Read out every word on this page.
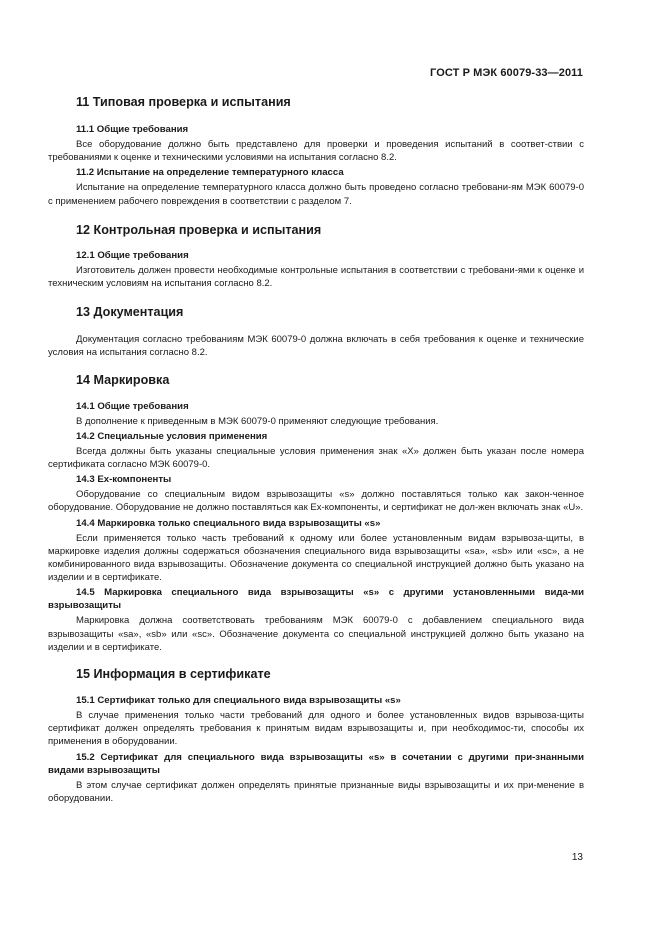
ГОСТ Р МЭК 60079-33—2011
11 Типовая проверка и испытания
11.1 Общие требования
Все оборудование должно быть представлено для проверки и проведения испытаний в соответ-ствии с требованиями к оценке и техническими условиями на испытания согласно 8.2.
11.2 Испытание на определение температурного класса
Испытание на определение температурного класса должно быть проведено согласно требовани-ям МЭК 60079-0 с применением рабочего повреждения в соответствии с разделом 7.
12 Контрольная проверка и испытания
12.1 Общие требования
Изготовитель должен провести необходимые контрольные испытания в соответствии с требовани-ями к оценке и техническим условиям на испытания согласно 8.2.
13 Документация
Документация согласно требованиям МЭК 60079-0 должна включать в себя требования к оценке и технические условия на испытания согласно 8.2.
14 Маркировка
14.1 Общие требования
В дополнение к приведенным в МЭК 60079-0 применяют следующие требования.
14.2 Специальные условия применения
Всегда должны быть указаны специальные условия применения знак «X» должен быть указан после номера сертификата согласно МЭК 60079-0.
14.3 Ex-компоненты
Оборудование со специальным видом взрывозащиты «s» должно поставляться только как закон-ченное оборудование. Оборудование не должно поставляться как Ex-компоненты, и сертификат не дол-жен включать знак «U».
14.4 Маркировка только специального вида взрывозащиты «s»
Если применяется только часть требований к одному или более установленным видам взрывоза-щиты, в маркировке изделия должны содержаться обозначения специального вида взрывозащиты «sa», «sb» или «sc», а не комбинированного вида взрывозащиты. Обозначение документа со специальной инструкцией должно быть указано на изделии и в сертификате.
14.5 Маркировка специального вида взрывозащиты «s» с другими установленными вида-ми взрывозащиты
Маркировка должна соответствовать требованиям МЭК 60079-0 с добавлением специального вида взрывозащиты «sa», «sb» или «sc». Обозначение документа со специальной инструкцией должно быть указано на изделии и в сертификате.
15 Информация в сертификате
15.1 Сертификат только для специального вида взрывозащиты «s»
В случае применения только части требований для одного и более установленных видов взрывоза-щиты сертификат должен определять требования к принятым видам взрывозащиты и, при необходимос-ти, способы их применения в оборудовании.
15.2 Сертификат для специального вида взрывозащиты «s» в сочетании с другими при-знанными видами взрывозащиты
В этом случае сертификат должен определять принятые признанные виды взрывозащиты и их при-менение в оборудовании.
13
